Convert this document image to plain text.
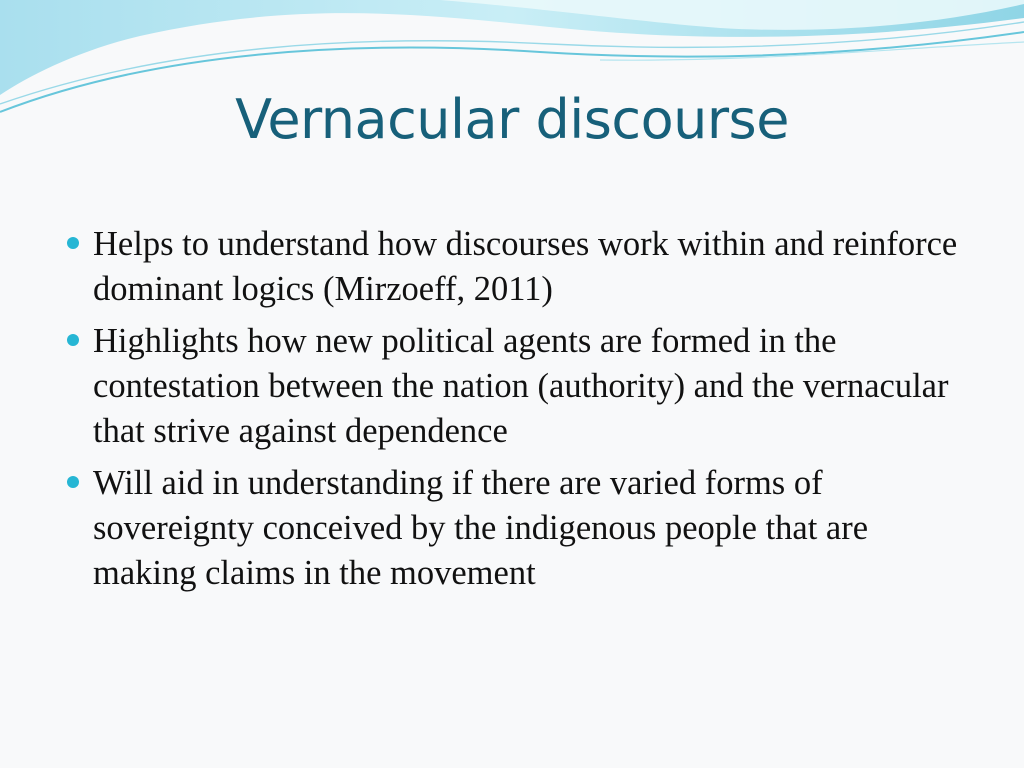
Vernacular discourse
Helps to understand how discourses work within and reinforce dominant logics (Mirzoeff, 2011)
Highlights how new political agents are formed in the contestation between the nation (authority) and the vernacular that strive against dependence
Will aid in understanding if there are varied forms of sovereignty conceived by the indigenous people that are making claims in the movement
